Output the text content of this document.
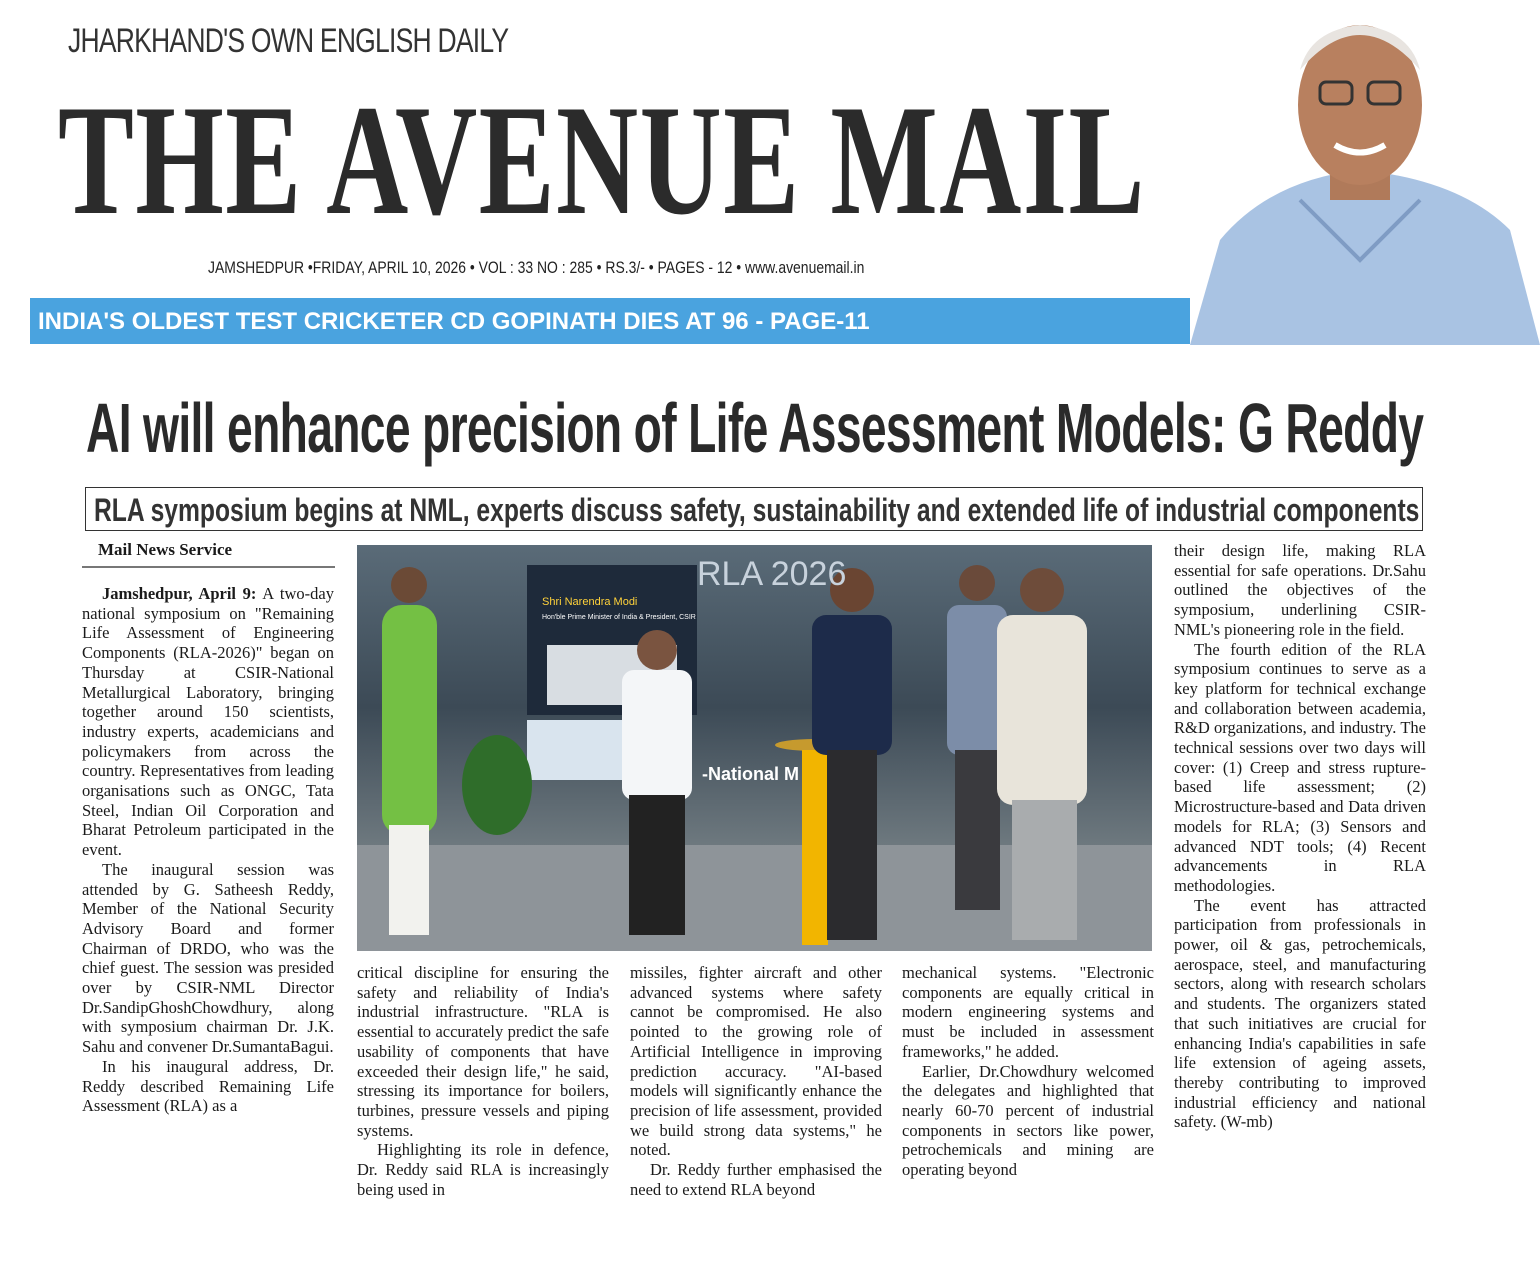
JHARKHAND'S OWN ENGLISH DAILY
THE AVENUE MAIL
JAMSHEDPUR •FRIDAY, APRIL 10, 2026 • VOL : 33 NO : 285 • RS.3/- • PAGES - 12 • www.avenuemail.in
INDIA'S OLDEST TEST CRICKETER CD GOPINATH DIES AT 96 - PAGE-11
AI will enhance precision of Life Assessment Models: G Reddy
RLA symposium begins at NML, experts discuss safety, sustainability and extended life of industrial components
Mail News Service

Jamshedpur, April 9: A two-day national symposium on "Remaining Life Assessment of Engineering Components (RLA-2026)" began on Thursday at CSIR-National Metallurgical Laboratory, bringing together around 150 scientists, industry experts, academicians and policymakers from across the country. Representatives from leading organisations such as ONGC, Tata Steel, Indian Oil Corporation and Bharat Petroleum participated in the event.

The inaugural session was attended by G. Satheesh Reddy, Member of the National Security Advisory Board and former Chairman of DRDO, who was the chief guest. The session was presided over by CSIR-NML Director Dr.SandipGhoshChowdhury, along with symposium chairman Dr. J.K. Sahu and convener Dr.SumantaBagui.

In his inaugural address, Dr. Reddy described Remaining Life Assessment (RLA) as a

critical discipline for ensuring the safety and reliability of India's industrial infrastructure. "RLA is essential to accurately predict the safe usability of components that have exceeded their design life," he said, stressing its importance for boilers, turbines, pressure vessels and piping systems.

Highlighting its role in defence, Dr. Reddy said RLA is increasingly being used in

missiles, fighter aircraft and other advanced systems where safety cannot be compromised. He also pointed to the growing role of Artificial Intelligence in improving prediction accuracy. "AI-based models will significantly enhance the precision of life assessment, provided we build strong data systems," he noted.

Dr. Reddy further emphasised the need to extend RLA beyond

mechanical systems. "Electronic components are equally critical in modern engineering systems and must be included in assessment frameworks," he added.

Earlier, Dr.Chowdhury welcomed the delegates and highlighted that nearly 60-70 percent of industrial components in sectors like power, petrochemicals and mining are operating beyond

their design life, making RLA essential for safe operations. Dr.Sahu outlined the objectives of the symposium, underlining CSIR-NML's pioneering role in the field.

The fourth edition of the RLA symposium continues to serve as a key platform for technical exchange and collaboration between academia, R&D organizations, and industry. The technical sessions over two days will cover: (1) Creep and stress rupture-based life assessment; (2) Microstructure-based and Data driven models for RLA; (3) Sensors and advanced NDT tools; (4) Recent advancements in RLA methodologies.

The event has attracted participation from professionals in power, oil & gas, petrochemicals, aerospace, steel, and manufacturing sectors, along with research scholars and students. The organizers stated that such initiatives are crucial for enhancing India's capabilities in safe life extension of ageing assets, thereby contributing to improved industrial efficiency and national safety. (W-mb)

Shri Narendra Modi
Hon'ble Prime Minister of India & President, CSIR
RLA 2026
-National M
